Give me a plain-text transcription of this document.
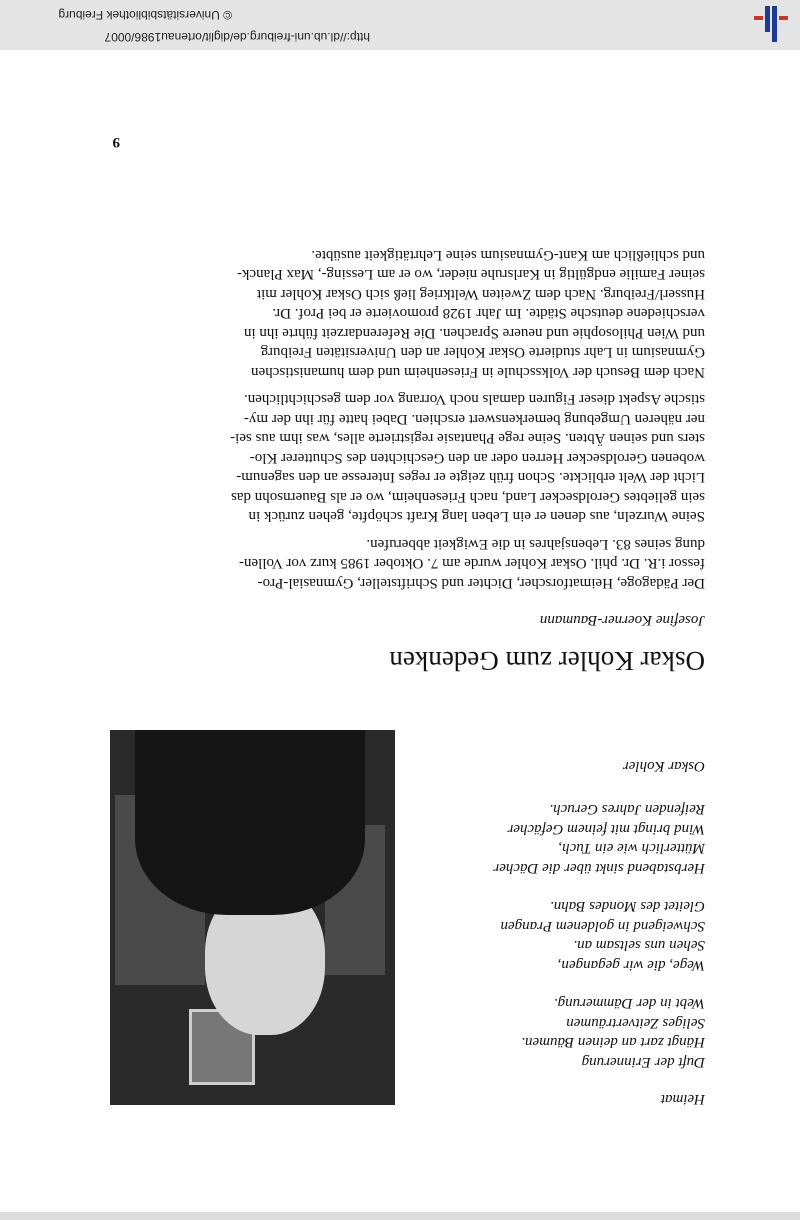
Heimat
Duft der Erinnerung
Hängt zart an deinen Bäumen.
Seliges Zeitverträumen
Webt in der Dämmerung.
Wege, die wir gegangen,
Sehen uns seltsam an.
Schweigend in goldenem Prangen
Gleitet des Mondes Bahn.
Herbstabend sinkt über die Dächer
Mütterlich wie ein Tuch,
Wind bringt mit feinem Gefächer
Reifenden Jahres Geruch.
Oskar Kohler
Oskar Kohler zum Gedenken
Josefine Koerner-Baumann

Der Pädagoge, Heimatforscher, Dichter und Schriftsteller, Gymnasial-Pro-
fessor i.R. Dr. phil. Oskar Kohler wurde am 7. Oktober 1985 kurz vor Vollen-
dung seines 83. Lebensjahres in die Ewigkeit abberufen.

Seine Wurzeln, aus denen er ein Leben lang Kraft schöpfte, gehen zurück in
sein geliebtes Geroldsecker Land, nach Friesenheim, wo er als Bauernsohn das
Licht der Welt erblickte. Schon früh zeigte er reges Interesse an den sagenum-
wobenen Geroldsecker Herren oder an den Geschichten des Schutterer Klo-
sters und seinen Äbten. Seine rege Phantasie registrierte alles, was ihm aus sei-
ner näheren Umgebung bemerkenswert erschien. Dabei hatte für ihn der my-
stische Aspekt dieser Figuren damals noch Vorrang vor dem geschichtlichen.

Nach dem Besuch der Volksschule in Friesenheim und dem humanistischen
Gymnasium in Lahr studierte Oskar Kohler an den Universitäten Freiburg
und Wien Philosophie und neuere Sprachen. Die Referendarzeit führte ihn in
verschiedene deutsche Städte. Im Jahr 1928 promovierte er bei Prof. Dr.
Husserl/Freiburg. Nach dem Zweiten Weltkrieg ließ sich Oskar Kohler mit
seiner Familie endgültig in Karlsruhe nieder, wo er am Lessing-, Max Planck-
und schließlich am Kant-Gymnasium seine Lehrtätigkeit ausübte.

9
http://dl.ub.uni-freiburg.de/diglit/ortenau1986/0007
© Universitätsbibliothek Freiburg
